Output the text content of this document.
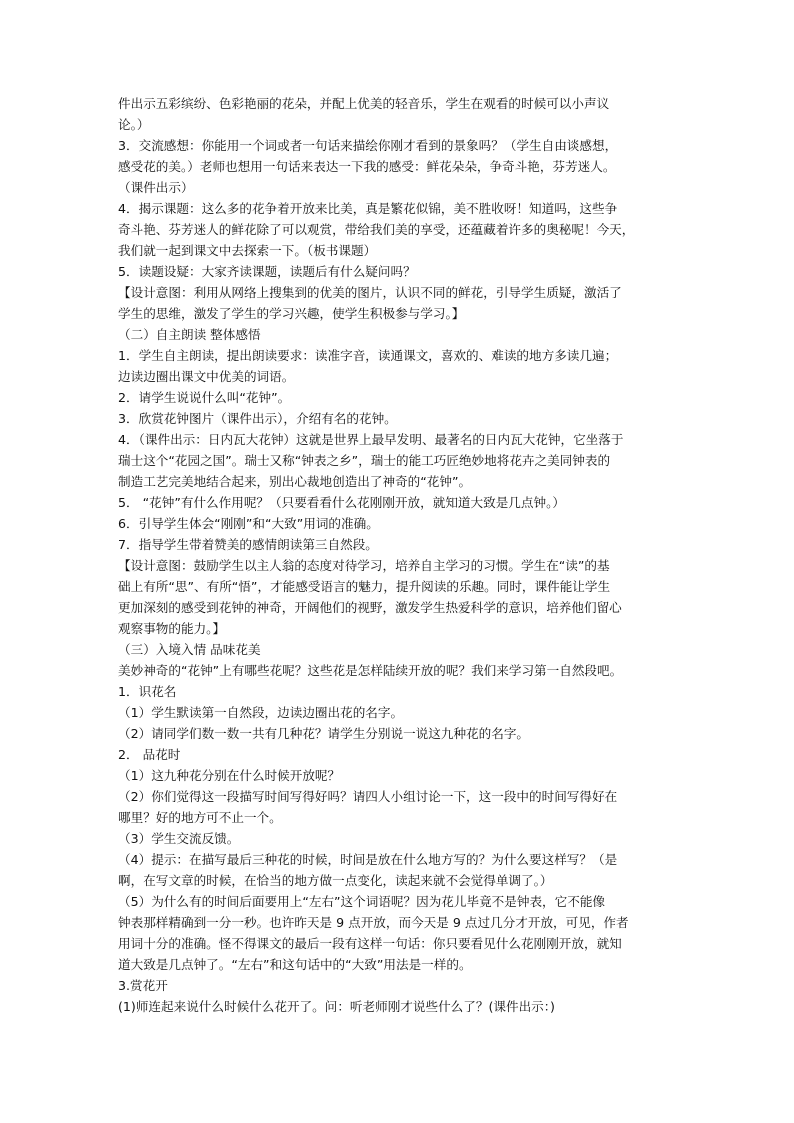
件出示五彩缤纷、色彩艳丽的花朵，并配上优美的轻音乐，学生在观看的时候可以小声议
论。）
3．交流感想：你能用一个词或者一句话来描绘你刚才看到的景象吗？（学生自由谈感想，
感受花的美。）老师也想用一句话来表达一下我的感受：鲜花朵朵，争奇斗艳，芬芳迷人。
（课件出示）
4．揭示课题：这么多的花争着开放来比美，真是繁花似锦，美不胜收呀！知道吗，这些争
奇斗艳、芬芳迷人的鲜花除了可以观赏，带给我们美的享受，还蕴藏着许多的奥秘呢！今天，
我们就一起到课文中去探索一下。（板书课题）
5．读题设疑：大家齐读课题，读题后有什么疑问吗？
【设计意图：利用从网络上搜集到的优美的图片，认识不同的鲜花，引导学生质疑，激活了
学生的思维，激发了学生的学习兴趣，使学生积极参与学习。】
（二）自主朗读 整体感悟
1．学生自主朗读，提出朗读要求：读准字音，读通课文，喜欢的、难读的地方多读几遍；
边读边圈出课文中优美的词语。
2．请学生说说什么叫“花钟”。
3．欣赏花钟图片（课件出示），介绍有名的花钟。
4．（课件出示：日内瓦大花钟）这就是世界上最早发明、最著名的日内瓦大花钟，它坐落于
瑞士这个“花园之国”。瑞士又称“钟表之乡”，瑞士的能工巧匠绝妙地将花卉之美同钟表的
制造工艺完美地结合起来，别出心裁地创造出了神奇的“花钟”。
5． “花钟”有什么作用呢？（只要看看什么花刚刚开放，就知道大致是几点钟。）
6．引导学生体会“刚刚”和“大致”用词的准确。
7．指导学生带着赞美的感情朗读第三自然段。
【设计意图：鼓励学生以主人翁的态度对待学习，培养自主学习的习惯。学生在“读”的基
础上有所“思”、有所“悟”，才能感受语言的魅力，提升阅读的乐趣。同时，课件能让学生
更加深刻的感受到花钟的神奇，开阔他们的视野，激发学生热爱科学的意识，培养他们留心
观察事物的能力。】
（三）入境入情 品味花美
美妙神奇的“花钟”上有哪些花呢？这些花是怎样陆续开放的呢？我们来学习第一自然段吧。
1．识花名
（1）学生默读第一自然段，边读边圈出花的名字。
（2）请同学们数一数一共有几种花？请学生分别说一说这九种花的名字。
2． 品花时
（1）这九种花分别在什么时候开放呢？
（2）你们觉得这一段描写时间写得好吗？请四人小组讨论一下，这一段中的时间写得好在
哪里？好的地方可不止一个。
（3）学生交流反馈。
（4）提示：在描写最后三种花的时候，时间是放在什么地方写的？为什么要这样写？（是
啊，在写文章的时候，在恰当的地方做一点变化，读起来就不会觉得单调了。）
（5）为什么有的时间后面要用上“左右”这个词语呢？因为花儿毕竟不是钟表，它不能像
钟表那样精确到一分一秒。也许昨天是 9 点开放，而今天是 9 点过几分才开放，可见，作者
用词十分的准确。怪不得课文的最后一段有这样一句话：你只要看见什么花刚刚开放，就知
道大致是几点钟了。“左右”和这句话中的“大致”用法是一样的。
3.赏花开
(1)师连起来说什么时候什么花开了。问：听老师刚才说些什么了？(课件出示：)
